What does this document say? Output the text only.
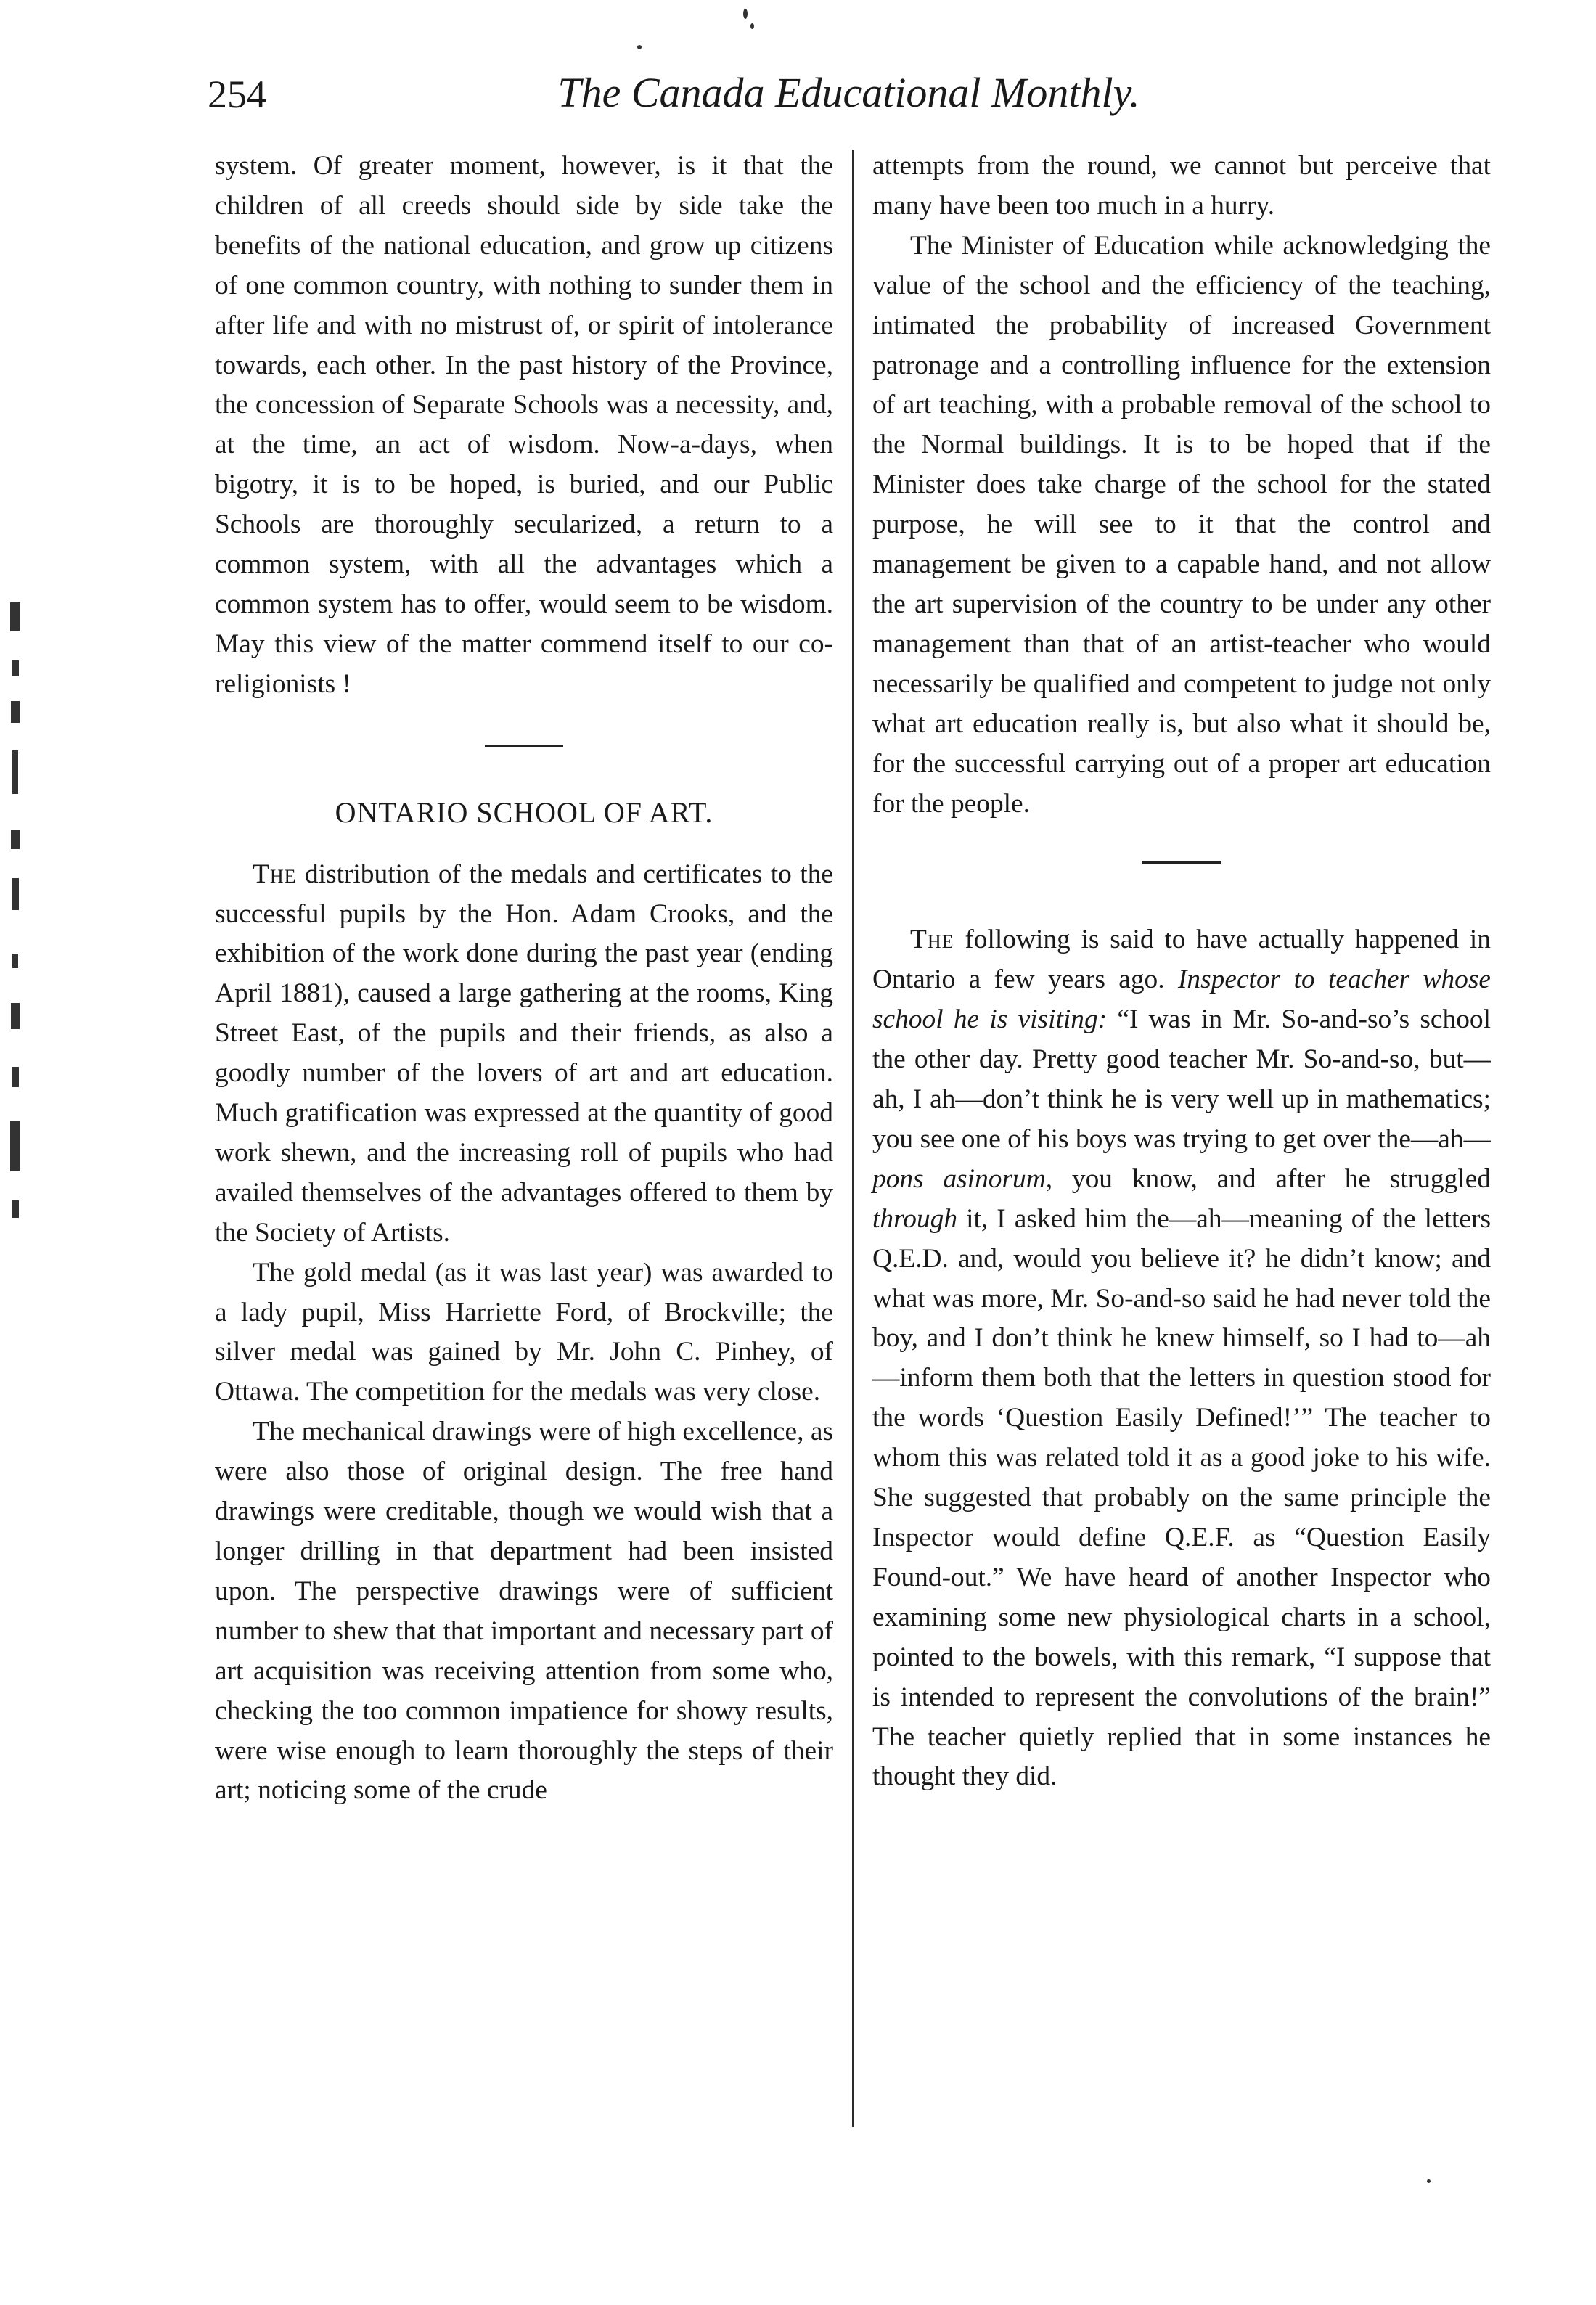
254	The Canada Educational Monthly.

system. Of greater moment, however, is it that the children of all creeds should side by side take the benefits of the national education, and grow up citizens of one common country, with nothing to sunder them in after life and with no mistrust of, or spirit of intolerance towards, each other. In the past history of the Province, the concession of Separate Schools was a necessity, and, at the time, an act of wisdom. Now-a-days, when bigotry, it is to be hoped, is buried, and our Public Schools are thoroughly secularized, a return to a common system, with all the advantages which a common system has to offer, would seem to be wisdom. May this view of the matter commend itself to our co-religionists !

ONTARIO SCHOOL OF ART.

The distribution of the medals and certificates to the successful pupils by the Hon. Adam Crooks, and the exhibition of the work done during the past year (ending April 1881), caused a large gathering at the rooms, King Street East, of the pupils and their friends, as also a goodly number of the lovers of art and art education. Much gratification was expressed at the quantity of good work shewn, and the increasing roll of pupils who had availed themselves of the advantages offered to them by the Society of Artists.

The gold medal (as it was last year) was awarded to a lady pupil, Miss Harriette Ford, of Brockville; the silver medal was gained by Mr. John C. Pinhey, of Ottawa. The competition for the medals was very close.

The mechanical drawings were of high excellence, as were also those of original design. The free hand drawings were creditable, though we would wish that a longer drilling in that department had been insisted upon. The perspective drawings were of sufficient number to shew that that important and necessary part of art acquisition was receiving attention from some who, checking the too common impatience for showy results, were wise enough to learn thoroughly the steps of their art; noticing some of the crude

attempts from the round, we cannot but perceive that many have been too much in a hurry.

The Minister of Education while acknowledging the value of the school and the efficiency of the teaching, intimated the probability of increased Government patronage and a controlling influence for the extension of art teaching, with a probable removal of the school to the Normal buildings. It is to be hoped that if the Minister does take charge of the school for the stated purpose, he will see to it that the control and management be given to a capable hand, and not allow the art supervision of the country to be under any other management than that of an artist-teacher who would necessarily be qualified and competent to judge not only what art education really is, but also what it should be, for the successful carrying out of a proper art education for the people.

The following is said to have actually happened in Ontario a few years ago. Inspector to teacher whose school he is visiting: “I was in Mr. So-and-so’s school the other day. Pretty good teacher Mr. So-and-so, but—ah, I ah—don’t think he is very well up in mathematics; you see one of his boys was trying to get over the—ah—pons asinorum, you know, and after he struggled through it, I asked him the—ah—meaning of the letters Q.E.D. and, would you believe it? he didn’t know; and what was more, Mr. So-and-so said he had never told the boy, and I don’t think he knew himself, so I had to—ah—inform them both that the letters in question stood for the words ‘Question Easily Defined!’” The teacher to whom this was related told it as a good joke to his wife. She suggested that probably on the same principle the Inspector would define Q.E.F. as “Question Easily Found-out.” We have heard of another Inspector who examining some new physiological charts in a school, pointed to the bowels, with this remark, “I suppose that is intended to represent the convolutions of the brain!” The teacher quietly replied that in some instances he thought they did.
